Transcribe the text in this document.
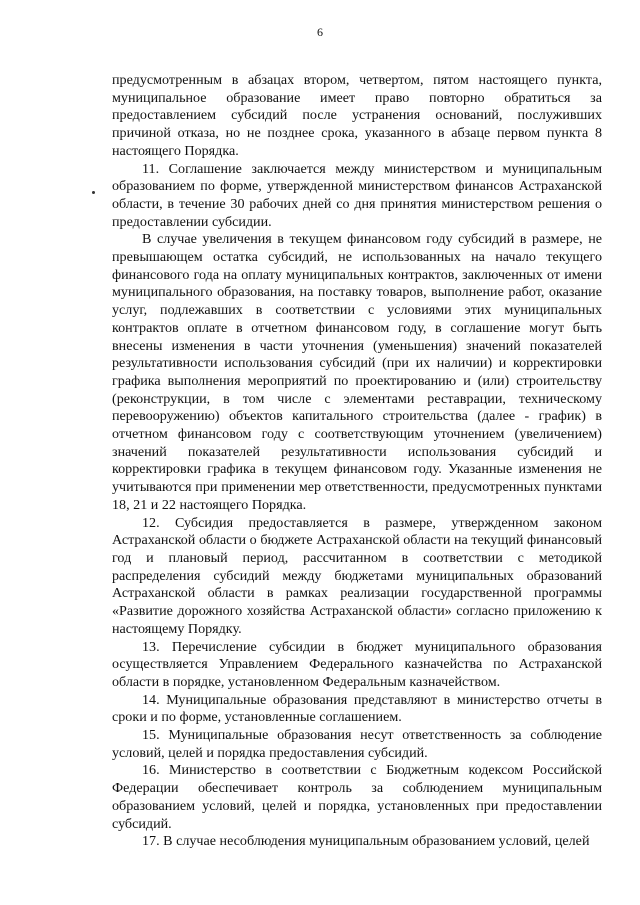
6

предусмотренным в абзацах втором, четвертом, пятом настоящего пункта, муниципальное образование имеет право повторно обратиться за предоставлением субсидий после устранения оснований, послуживших причиной отказа, но не позднее срока, указанного в абзаце первом пункта 8 настоящего Порядка.

11. Соглашение заключается между министерством и муниципальным образованием по форме, утвержденной министерством финансов Астраханской области, в течение 30 рабочих дней со дня принятия министерством решения о предоставлении субсидии.

В случае увеличения в текущем финансовом году субсидий в размере, не превышающем остатка субсидий, не использованных на начало текущего финансового года на оплату муниципальных контрактов, заключенных от имени муниципального образования, на поставку товаров, выполнение работ, оказание услуг, подлежавших в соответствии с условиями этих муниципальных контрактов оплате в отчетном финансовом году, в соглашение могут быть внесены изменения в части уточнения (уменьшения) значений показателей результативности использования субсидий (при их наличии) и корректировки графика выполнения мероприятий по проектированию и (или) строительству (реконструкции, в том числе с элементами реставрации, техническому перевооружению) объектов капитального строительства (далее - график) в отчетном финансовом году с соответствующим уточнением (увеличением) значений показателей результативности использования субсидий и корректировки графика в текущем финансовом году. Указанные изменения не учитываются при применении мер ответственности, предусмотренных пунктами 18, 21 и 22 настоящего Порядка.

12. Субсидия предоставляется в размере, утвержденном законом Астраханской области о бюджете Астраханской области на текущий финансовый год и плановый период, рассчитанном в соответствии с методикой распределения субсидий между бюджетами муниципальных образований Астраханской области в рамках реализации государственной программы «Развитие дорожного хозяйства Астраханской области» согласно приложению к настоящему Порядку.

13. Перечисление субсидии в бюджет муниципального образования осуществляется Управлением Федерального казначейства по Астраханской области в порядке, установленном Федеральным казначейством.

14. Муниципальные образования представляют в министерство отчеты в сроки и по форме, установленные соглашением.

15. Муниципальные образования несут ответственность за соблюдение условий, целей и порядка предоставления субсидий.

16. Министерство в соответствии с Бюджетным кодексом Российской Федерации обеспечивает контроль за соблюдением муниципальным образованием условий, целей и порядка, установленных при предоставлении субсидий.

17. В случае несоблюдения муниципальным образованием условий, целей
